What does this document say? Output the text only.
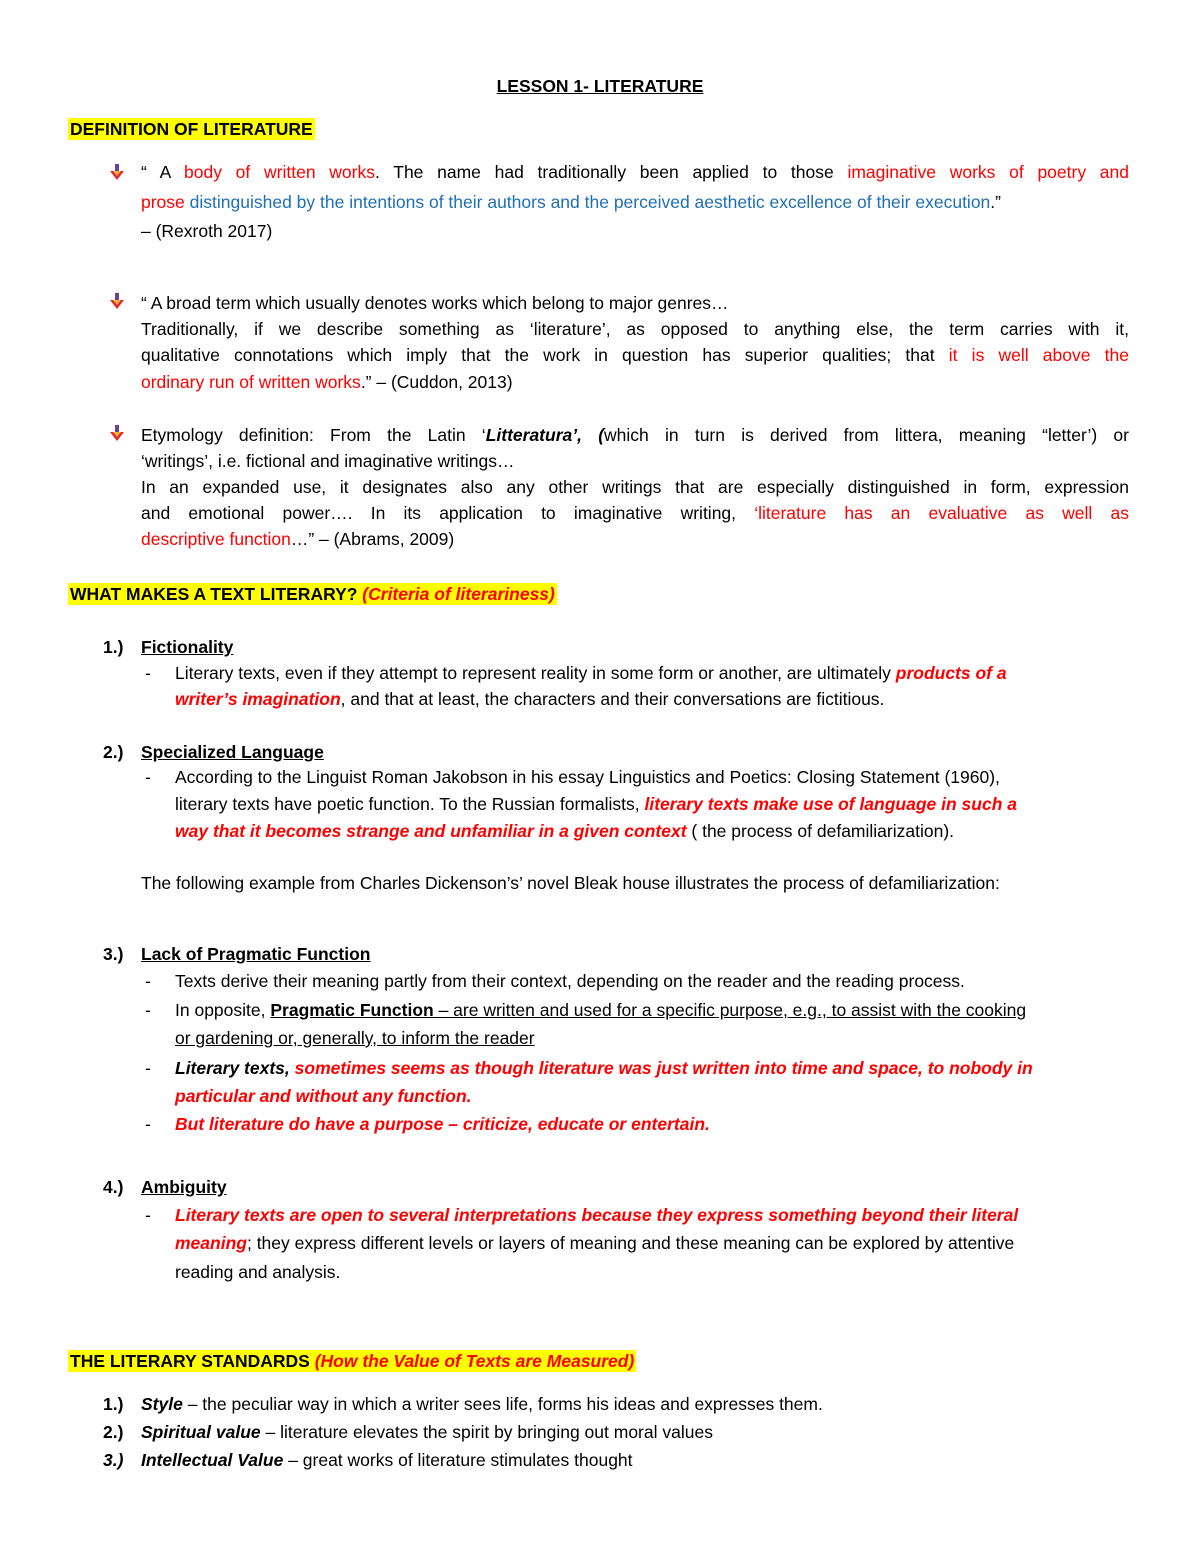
LESSON 1- LITERATURE
DEFINITION OF LITERATURE
“ A body of written works. The name had traditionally been applied to those imaginative works of poetry and
prose distinguished by the intentions of their authors and the perceived aesthetic excellence of their execution.”
– (Rexroth 2017)
“ A broad term which usually denotes works which belong to major genres…
Traditionally, if we describe something as ‘literature’, as opposed to anything else, the term carries with it,
qualitative connotations which imply that the work in question has superior qualities; that it is well above the
ordinary run of written works.” – (Cuddon, 2013)
Etymology definition: From the Latin ‘Litteratura’, (which in turn is derived from littera, meaning “letter’) or
‘writings’, i.e. fictional and imaginative writings…
In an expanded use, it designates also any other writings that are especially distinguished in form, expression
and emotional power…. In its application to imaginative writing, ‘literature has an evaluative as well as
descriptive function…” – (Abrams, 2009)
WHAT MAKES A TEXT LITERARY? (Criteria of literariness)
1.) Fictionality
- Literary texts, even if they attempt to represent reality in some form or another, are ultimately products of a
writer’s imagination, and that at least, the characters and their conversations are fictitious.
2.) Specialized Language
- According to the Linguist Roman Jakobson in his essay Linguistics and Poetics: Closing Statement (1960),
literary texts have poetic function. To the Russian formalists, literary texts make use of language in such a
way that it becomes strange and unfamiliar in a given context ( the process of defamiliarization).
The following example from Charles Dickenson’s’ novel Bleak house illustrates the process of defamiliarization:
3.) Lack of Pragmatic Function
- Texts derive their meaning partly from their context, depending on the reader and the reading process.
- In opposite, Pragmatic Function – are written and used for a specific purpose, e.g., to assist with the cooking
or gardening or, generally, to inform the reader
- Literary texts, sometimes seems as though literature was just written into time and space, to nobody in
particular and without any function.
- But literature do have a purpose – criticize, educate or entertain.
4.) Ambiguity
- Literary texts are open to several interpretations because they express something beyond their literal
meaning; they express different levels or layers of meaning and these meaning can be explored by attentive
reading and analysis.
THE LITERARY STANDARDS (How the Value of Texts are Measured)
1.) Style – the peculiar way in which a writer sees life, forms his ideas and expresses them.
2.) Spiritual value – literature elevates the spirit by bringing out moral values
3.) Intellectual Value – great works of literature stimulates thought
